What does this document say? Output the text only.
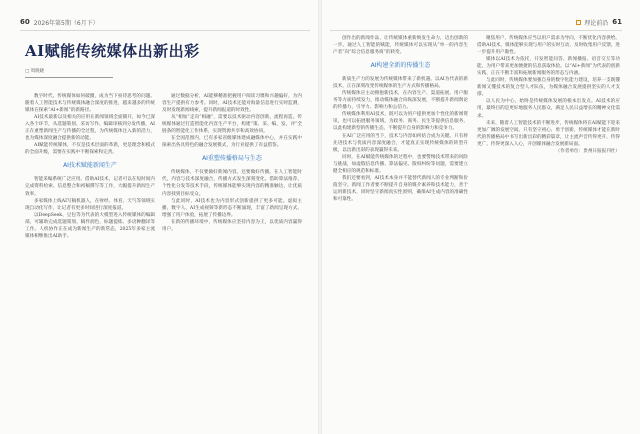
60 2026年第5期（6月下）	理论前沿 61
AI赋能传统媒体出新出彩
□ 周晓晓

数字时代，传统媒体如何破圈，成为当下亟待思考的问题。随着人工智能技术与传统媒体融合深度的推进，越来越多的传统媒体在探索“AI+新闻”的新路径。

AI技术最新以及相关的应用在新闻领域全面铺开，如今已深入各个环节，从选题策划、采访写作、编辑审核到分发传播，AI正在重塑新闻生产与传播的全过程，为传统媒体注入新的活力，也为媒体深度融合提供新的动能。

AI赋能传统媒体，不仅是技术层面的革新，更是理念和模式的全面升级，需要在实践中不断探索和完善。

AI技术赋能新闻生产

智能采编系统广泛应用。借助AI技术，记者可以在短时间内完成资料检索、信息整合和初稿撰写等工作，大幅提升新闻生产效率。

多家媒体上线AI写稿机器人，在财经、体育、天气等领域实现自动化写作，让记者有更多时间进行深度报道。

以DeepSeek、豆包等为代表的大模型进入传统媒体的编辑部，可辅助完成选题策划、稿件润色、标题提炼、多语种翻译等工作。人机协作正在成为新闻生产的新常态，2025年多家主流媒体相继推出AI助手。

通过数据分析，AI能够精准把握用户阅读习惯和兴趣偏好，为内容生产提供有力参考。同时，AI技术还能对海量信息进行实时监测，及时发现新闻线索，提升新闻报道的时效性。

从“相加”走向“相融”，需要以技术驱动内容创新、流程再造。传统媒体通过打造智能化内容生产平台，构建“策、采、编、发、评”全链条的智能化工作体系，实现资源共享和高效协同。

在全国范围内，已有多家省级媒体建成融媒体中心，并在实践中探索出各具特色的融合发展模式，为行业提供了有益借鉴。

AI重塑传播格局与生态

传统媒体，不仅要做好新闻内容，还要做好传播。在人工智能时代，内容与技术深度融合，传播方式发生深刻变化。借助算法推荐、个性化分发等技术手段，传统媒体能够实现内容的精准触达，让优质内容找到目标受众。

与此同时，AI技术也为内容形式创新提供了更多可能。虚拟主播、数字人、AI生成视频等新形态不断涌现，丰富了新闻呈现方式，增强了用户体验，拓展了传播边界。

在新的传播环境中，传统媒体应坚持内容为王，以优质内容赢得用户。

创作出的新闻作品，让传统媒体重新焕发生命力，迈出创新的一步。通过人工智能的赋能，传统媒体可以实现从“单一的内容生产者”向“综合信息服务商”的转变。

AI构建全新的传播生态

新质生产力的发展为传统媒体带来了新机遇。以AI为代表的新技术，正在深刻改变传统媒体的生产方式和传播格局。

传统媒体应主动拥抱新技术，在内容生产、渠道拓展、用户服务等方面持续发力，推动媒体融合向纵深发展，不断提升新闻舆论的传播力、引导力、影响力和公信力。

传统媒体利用AI技术，既可以为用户提供更加个性化的新闻资讯，也可以拓展服务领域，为政务、商务、民生等提供信息服务，以此构建新型的传播生态，不断提升自身的影响力和竞争力。

在AI广泛应用的当下，技术与内容如何结合成为关键。只有将先进技术与优质内容深度融合，才能真正实现传统媒体的转型升级，以出新出彩的表现赢得未来。

同时，在AI赋能传统媒体的过程中，也要警惕技术带来的风险与挑战，如虚假信息传播、算法偏见、版权纠纷等问题，需要建立健全相应的规范和标准。

我们还要看到，AI技术本身并不能替代新闻人的专业判断和价值坚守。新闻工作者要不断提升自身的媒介素养和技术能力，善于运用新技术，同时坚守新闻真实性原则，确保AI生成内容的准确性和可靠性。

聚焦用户，传统媒体应当以用户需求为导向，不断优化内容供给。借助AI技术，媒体能够实现与用户的实时互动，及时收集用户反馈，进一步提升用户黏性。

媒体以AI技术为依托，开发智能问答、新闻播报、语音交互等功能，为用户带来更加便捷的信息获取体验。以“AI+新闻”为代表的创新实践，正在不断丰富和拓展新闻服务的形态与内涵。

与此同时，传统媒体要加强自身的数字化能力建设，培养一支既懂新闻又懂技术的复合型人才队伍，为媒体融合发展提供坚实的人才支撑。

以人民为中心，始终是传统媒体发展的根本出发点。AI技术的应用，最终目的是更好地服务人民群众，满足人民日益增长的精神文化需求。

未来，随着人工智能技术的不断进步，传统媒体将在AI赋能下迎来更加广阔的发展空间。只有坚守初心、勇于创新，传统媒体才能在新时代的传播格局中书写出新出彩的精彩篇章，让主流声音传得更开、传得更广、传得更深入人心，开创媒体融合发展新局面。

（作者单位：贵州日报报刊社）
